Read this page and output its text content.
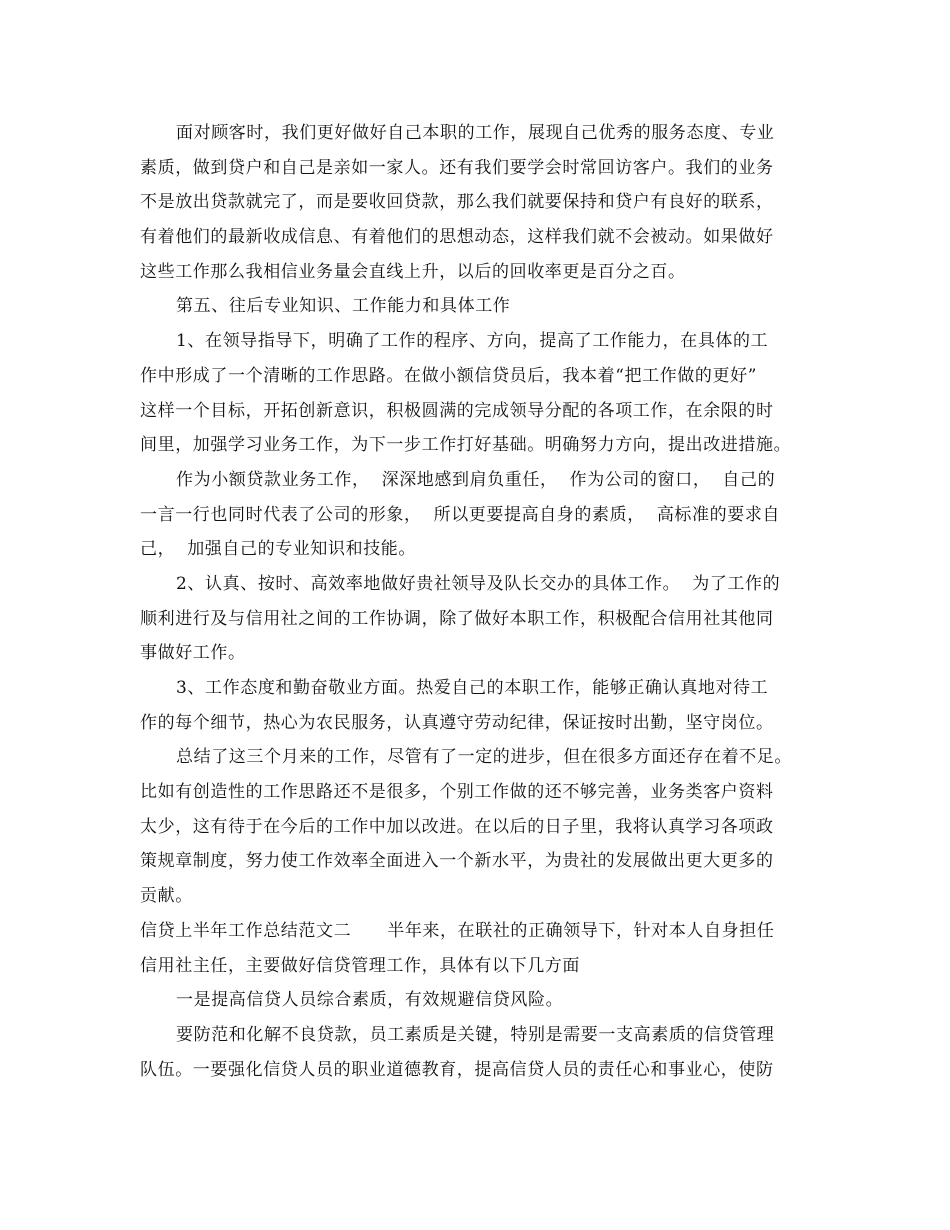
面对顾客时，我们更好做好自己本职的工作，展现自己优秀的服务态度、专业
素质，做到贷户和自己是亲如一家人。还有我们要学会时常回访客户。我们的业务
不是放出贷款就完了，而是要收回贷款，那么我们就要保持和贷户有良好的联系，
有着他们的最新收成信息、有着他们的思想动态，这样我们就不会被动。如果做好
这些工作那么我相信业务量会直线上升，以后的回收率更是百分之百。
第五、往后专业知识、工作能力和具体工作
1、在领导指导下，明确了工作的程序、方向，提高了工作能力，在具体的工
作中形成了一个清晰的工作思路。在做小额信贷员后，我本着“把工作做的更好”
这样一个目标，开拓创新意识，积极圆满的完成领导分配的各项工作，在余限的时
间里，加强学习业务工作，为下一步工作打好基础。明确努力方向，提出改进措施。
作为小额贷款业务工作，  深深地感到肩负重任，  作为公司的窗口，  自己的
一言一行也同时代表了公司的形象，  所以更要提高自身的素质，  高标准的要求自
己，  加强自己的专业知识和技能。
2、认真、按时、高效率地做好贵社领导及队长交办的具体工作。  为了工作的
顺利进行及与信用社之间的工作协调，除了做好本职工作，积极配合信用社其他同
事做好工作。
3、工作态度和勤奋敬业方面。热爱自己的本职工作，能够正确认真地对待工
作的每个细节，热心为农民服务，认真遵守劳动纪律，保证按时出勤，坚守岗位。
总结了这三个月来的工作，尽管有了一定的进步，但在很多方面还存在着不足。
比如有创造性的工作思路还不是很多，个别工作做的还不够完善，业务类客户资料
太少，这有待于在今后的工作中加以改进。在以后的日子里，我将认真学习各项政
策规章制度，努力使工作效率全面进入一个新水平，为贵社的发展做出更大更多的
贡献。
信贷上半年工作总结范文二      半年来，在联社的正确领导下，针对本人自身担任
信用社主任，主要做好信贷管理工作，具体有以下几方面
一是提高信贷人员综合素质，有效规避信贷风险。
要防范和化解不良贷款，员工素质是关键，特别是需要一支高素质的信贷管理
队伍。一要强化信贷人员的职业道德教育，提高信贷人员的责任心和事业心，使防
